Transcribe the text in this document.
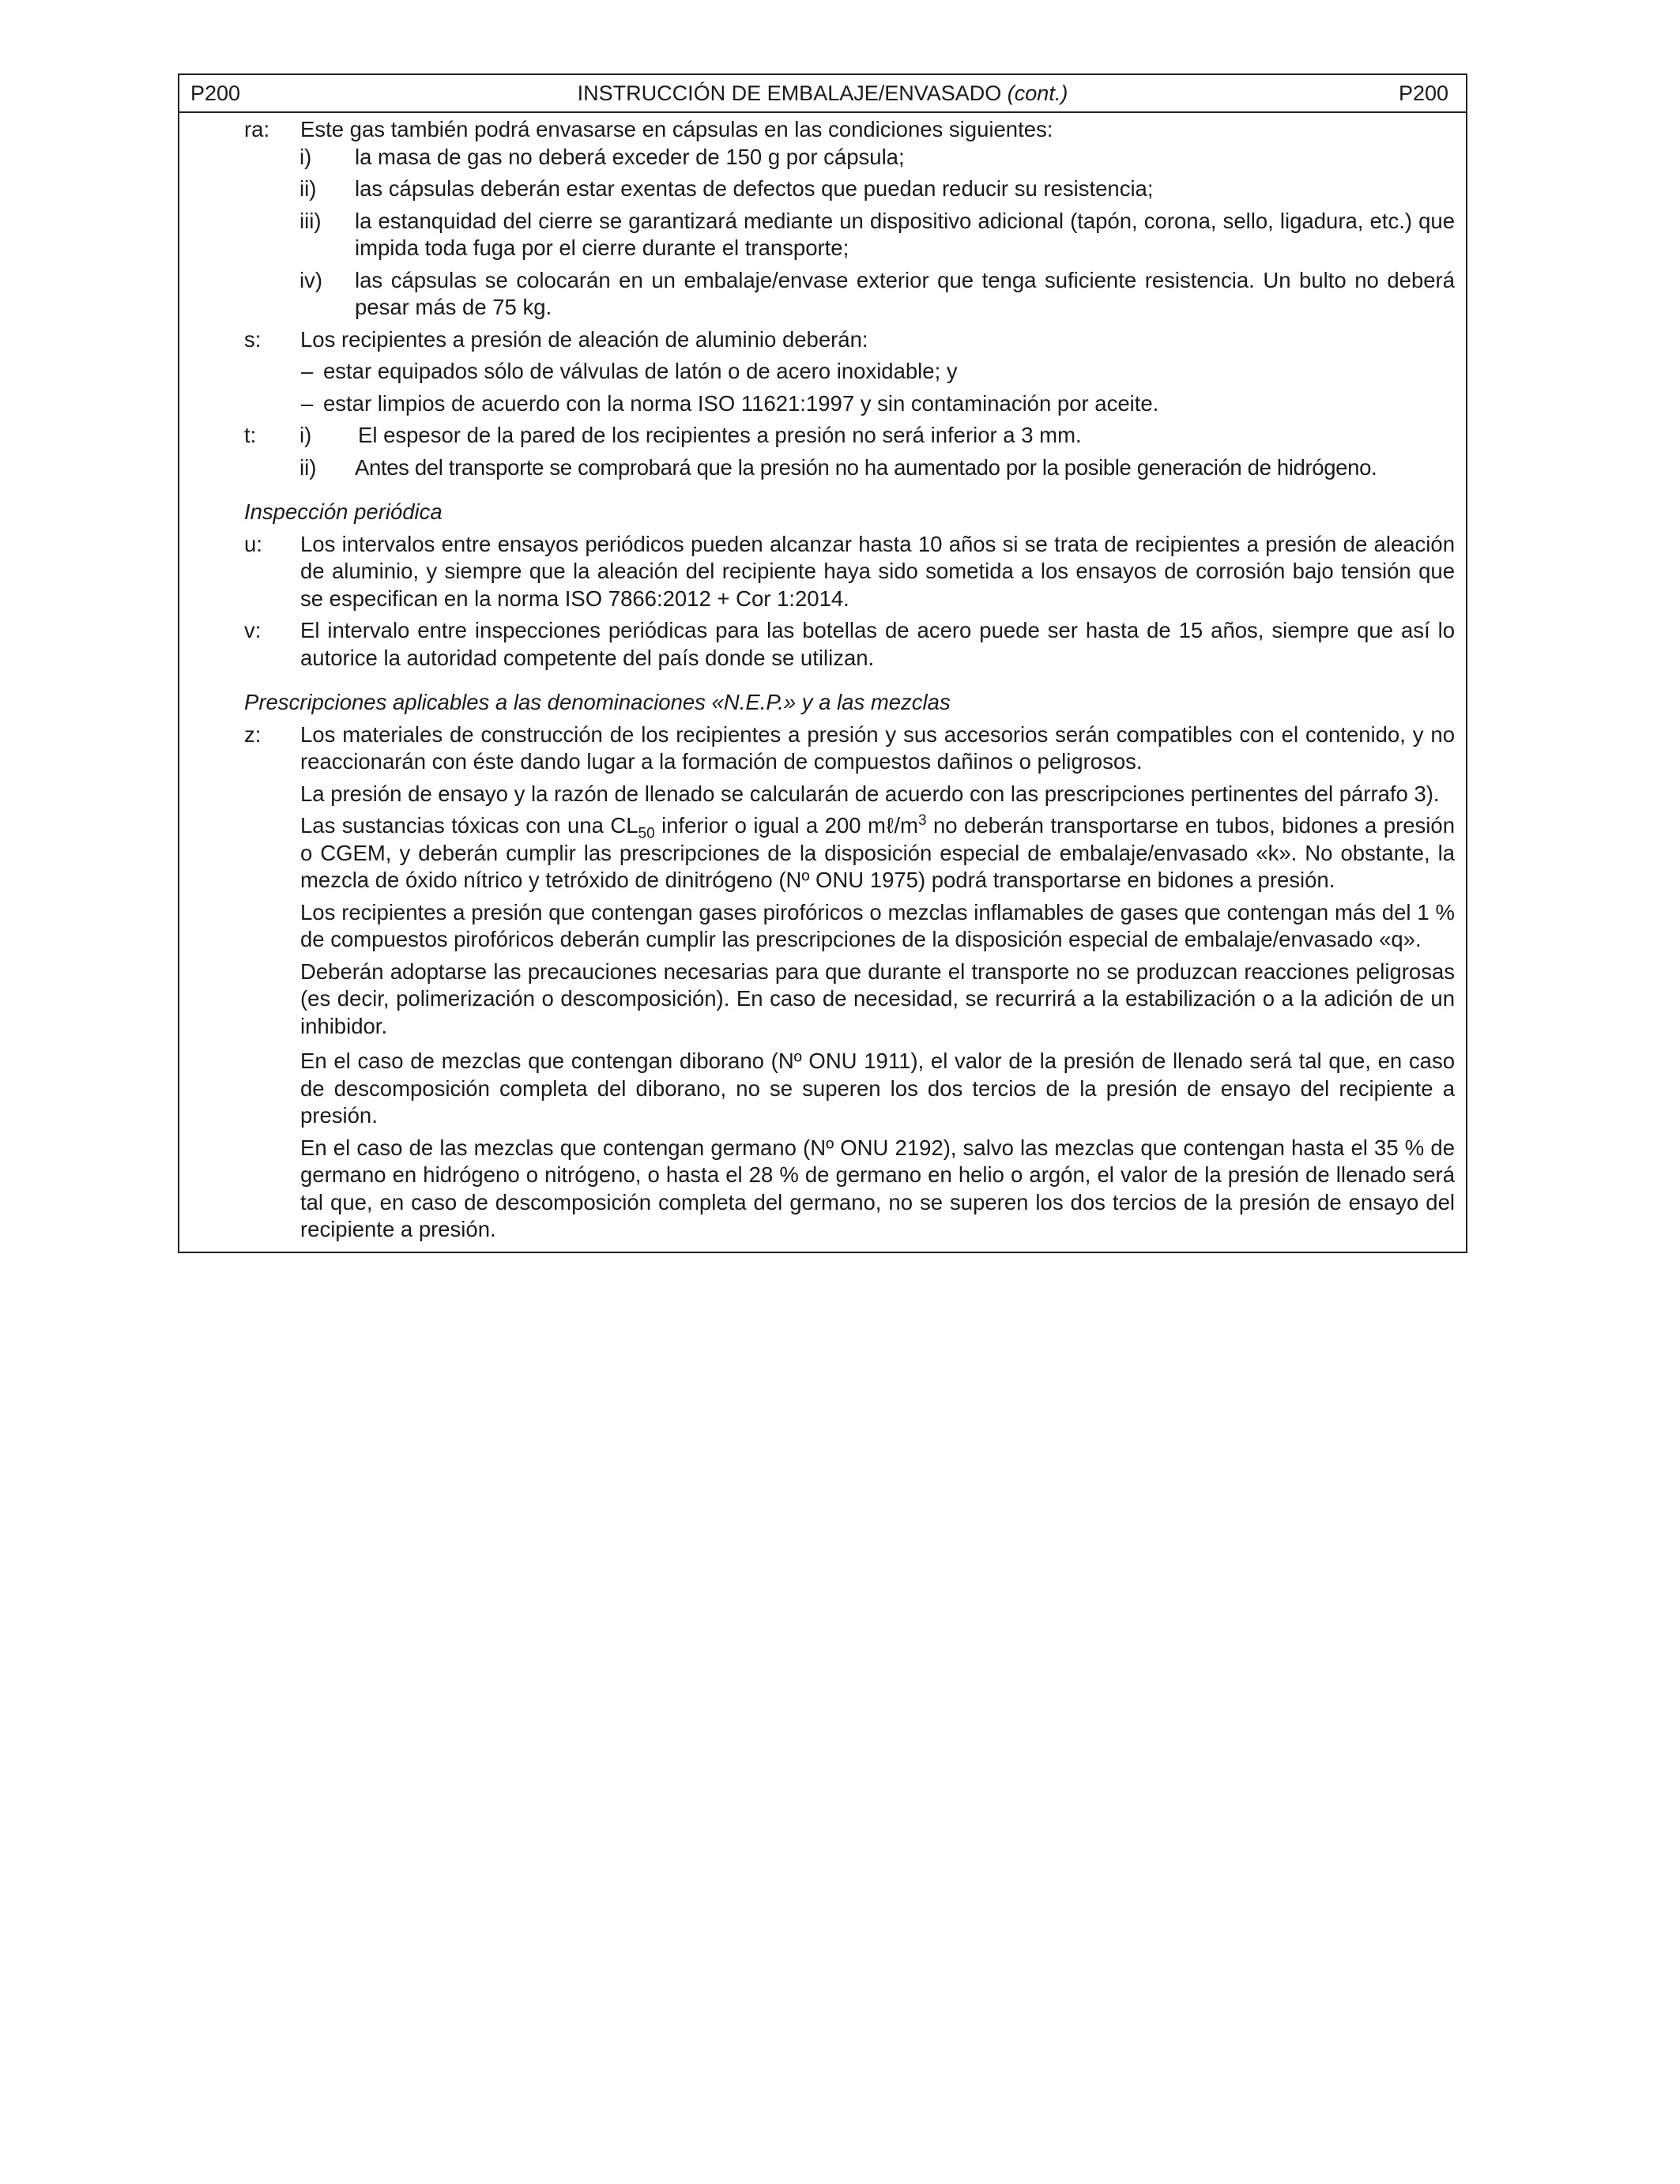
P200	INSTRUCCIÓN DE EMBALAJE/ENVASADO (cont.)	P200
ra: Este gas también podrá envasarse en cápsulas en las condiciones siguientes:
i) la masa de gas no deberá exceder de 150 g por cápsula;
ii) las cápsulas deberán estar exentas de defectos que puedan reducir su resistencia;
iii) la estanquidad del cierre se garantizará mediante un dispositivo adicional (tapón, corona, sello, ligadura, etc.) que impida toda fuga por el cierre durante el transporte;
iv) las cápsulas se colocarán en un embalaje/envase exterior que tenga suficiente resistencia. Un bulto no deberá pesar más de 75 kg.
s: Los recipientes a presión de aleación de aluminio deberán:
– estar equipados sólo de válvulas de latón o de acero inoxidable; y
– estar limpios de acuerdo con la norma ISO 11621:1997 y sin contaminación por aceite.
t: i) El espesor de la pared de los recipientes a presión no será inferior a 3 mm.
ii) Antes del transporte se comprobará que la presión no ha aumentado por la posible generación de hidrógeno.
Inspección periódica
u: Los intervalos entre ensayos periódicos pueden alcanzar hasta 10 años si se trata de recipientes a presión de aleación de aluminio, y siempre que la aleación del recipiente haya sido sometida a los ensayos de corrosión bajo tensión que se especifican en la norma ISO 7866:2012 + Cor 1:2014.
v: El intervalo entre inspecciones periódicas para las botellas de acero puede ser hasta de 15 años, siempre que así lo autorice la autoridad competente del país donde se utilizan.
Prescripciones aplicables a las denominaciones «N.E.P.» y a las mezclas
z: Los materiales de construcción de los recipientes a presión y sus accesorios serán compatibles con el contenido, y no reaccionarán con éste dando lugar a la formación de compuestos dañinos o peligrosos.
La presión de ensayo y la razón de llenado se calcularán de acuerdo con las prescripciones pertinentes del párrafo 3).
Las sustancias tóxicas con una $CL_{50}$ inferior o igual a 200 $m\ell/m^3$ no deberán transportarse en tubos, bidones a presión o CGEM, y deberán cumplir las prescripciones de la disposición especial de embalaje/envasado «k». No obstante, la mezcla de óxido nítrico y tetróxido de dinitrógeno (Nº ONU 1975) podrá transportarse en bidones a presión.
Los recipientes a presión que contengan gases pirofóricos o mezclas inflamables de gases que contengan más del 1 % de compuestos pirofóricos deberán cumplir las prescripciones de la disposición especial de embalaje/envasado «q».
Deberán adoptarse las precauciones necesarias para que durante el transporte no se produzcan reacciones peligrosas (es decir, polimerización o descomposición). En caso de necesidad, se recurrirá a la estabilización o a la adición de un inhibidor.
En el caso de mezclas que contengan diborano (Nº ONU 1911), el valor de la presión de llenado será tal que, en caso de descomposición completa del diborano, no se superen los dos tercios de la presión de ensayo del recipiente a presión.
En el caso de las mezclas que contengan germano (Nº ONU 2192), salvo las mezclas que contengan hasta el 35 % de germano en hidrógeno o nitrógeno, o hasta el 28 % de germano en helio o argón, el valor de la presión de llenado será tal que, en caso de descomposición completa del germano, no se superen los dos tercios de la presión de ensayo del recipiente a presión.
